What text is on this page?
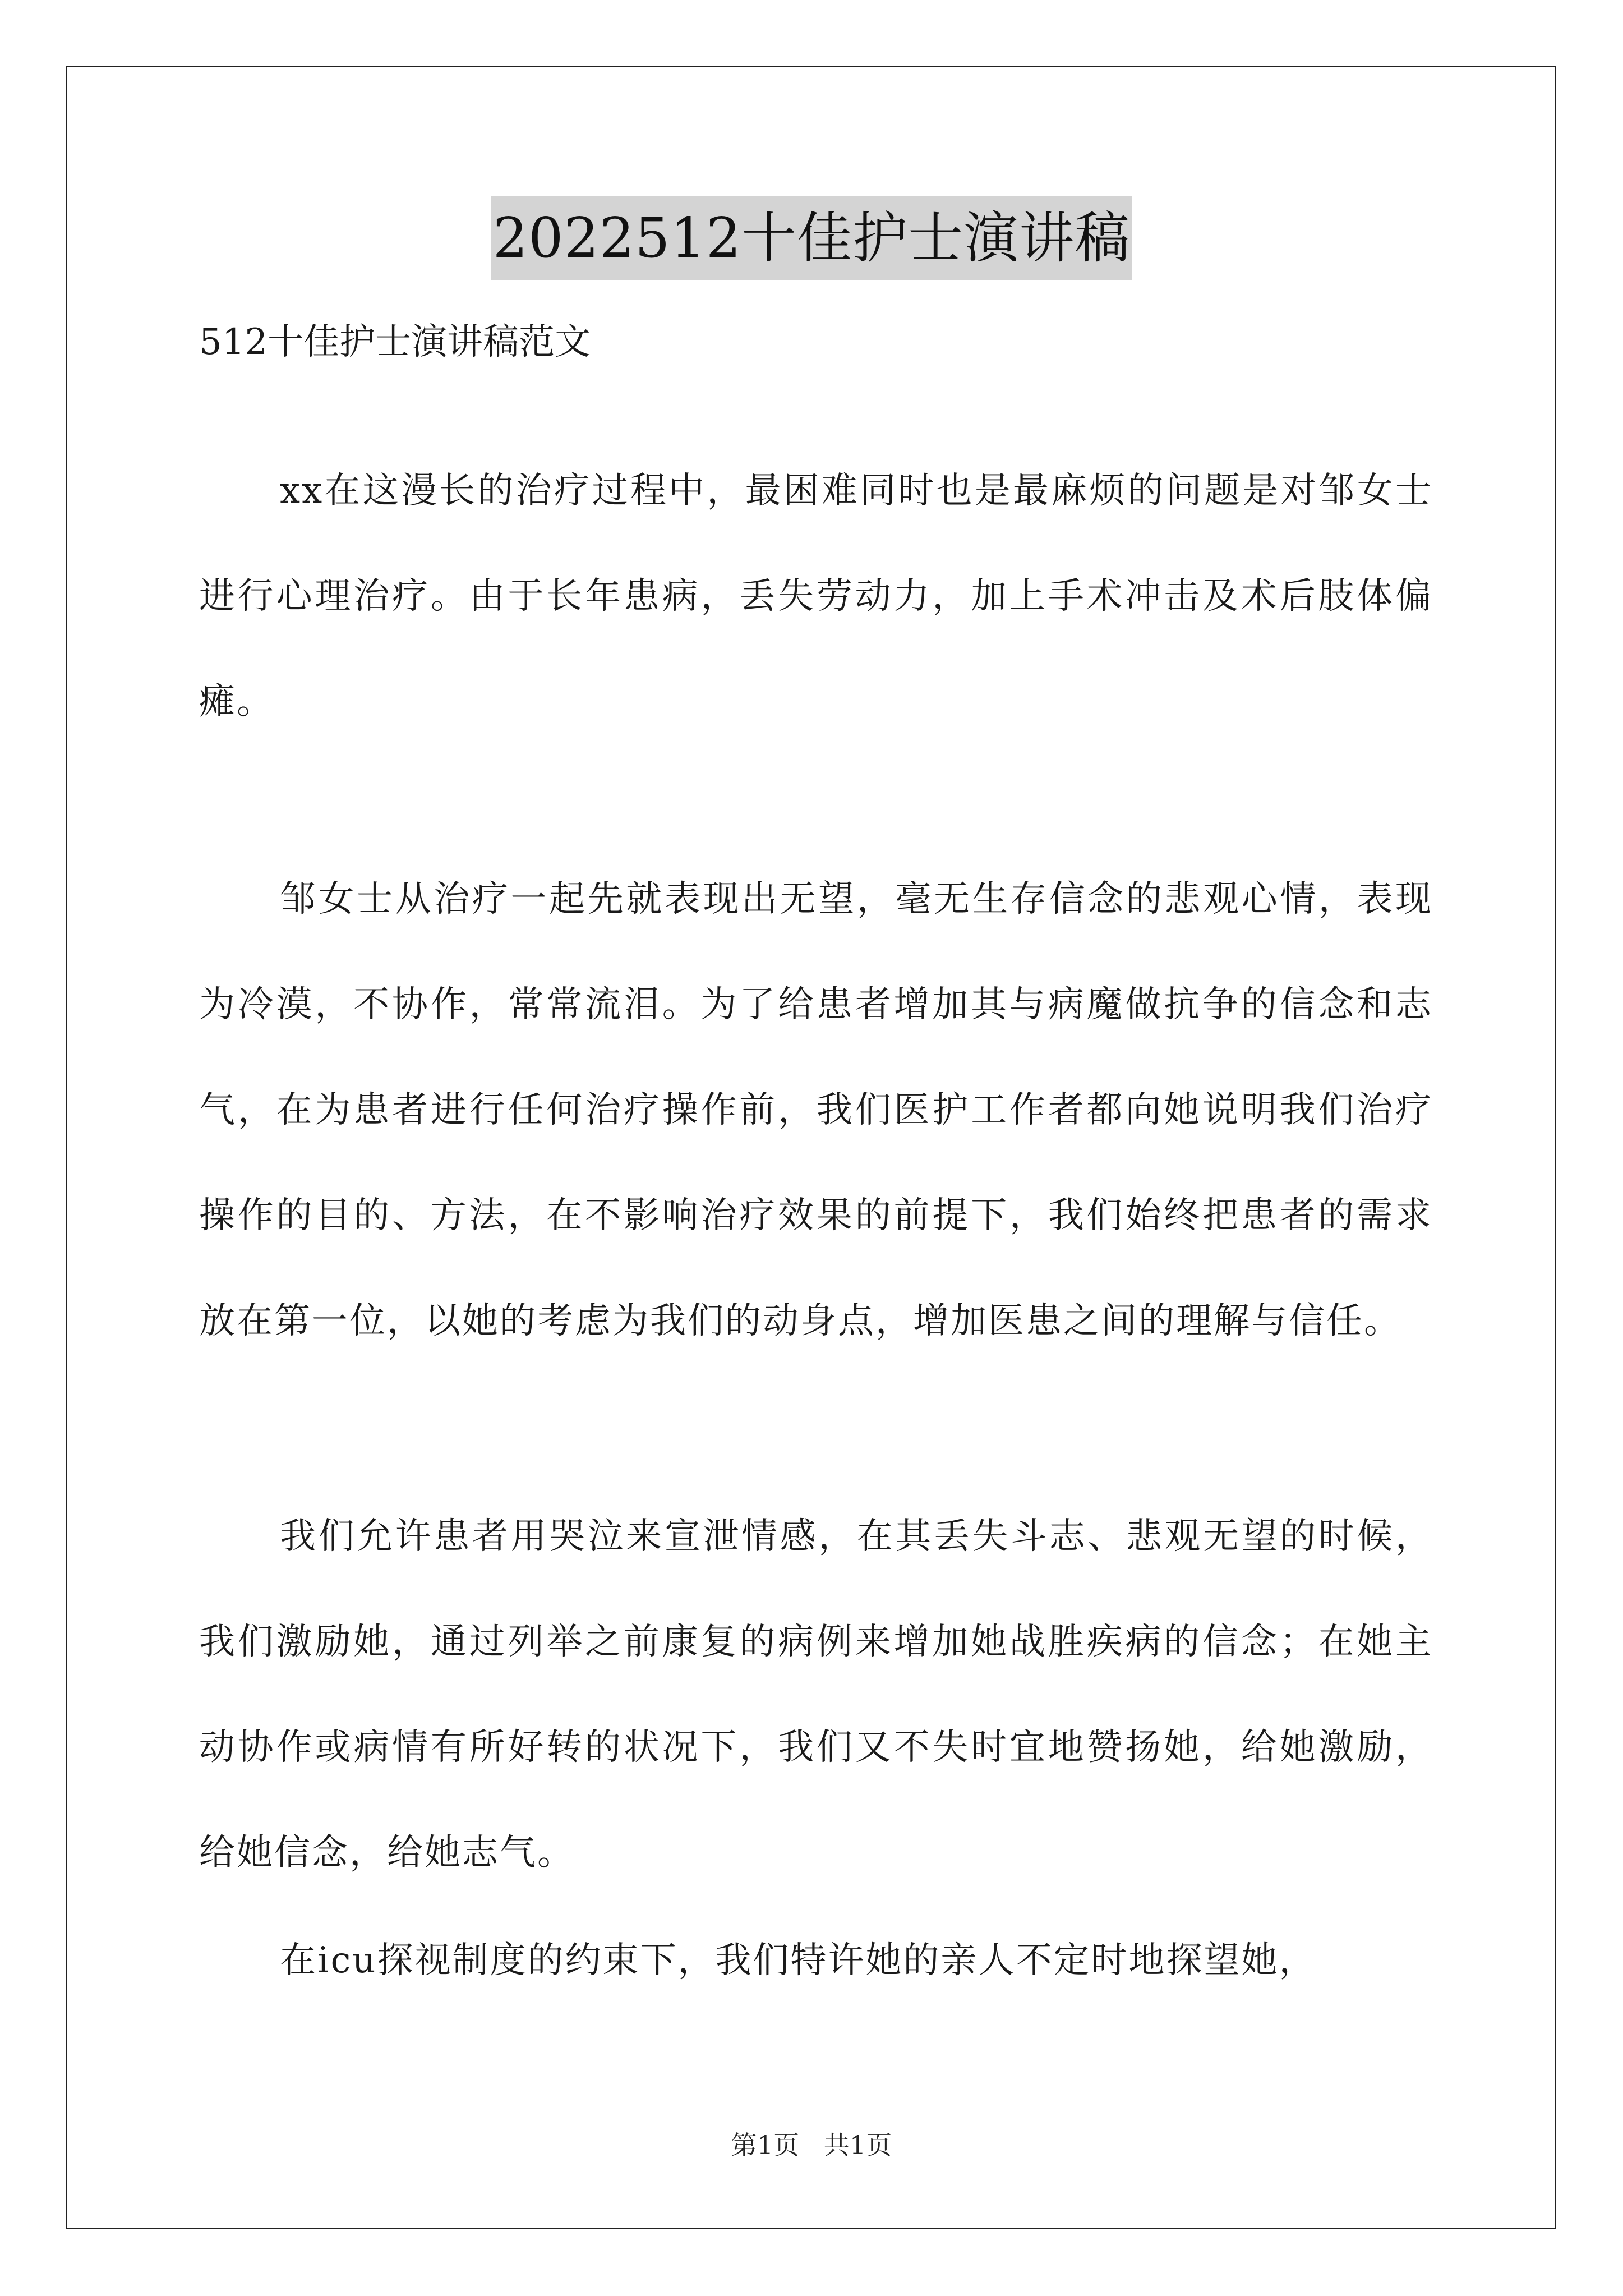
2022512十佳护士演讲稿
512十佳护士演讲稿范文

xx在这漫长的治疗过程中，最困难同时也是最麻烦的问题是对邹女士进行心理治疗。由于长年患病，丢失劳动力，加上手术冲击及术后肢体偏瘫。

邹女士从治疗一起先就表现出无望，毫无生存信念的悲观心情，表现为冷漠，不协作，常常流泪。为了给患者增加其与病魔做抗争的信念和志气，在为患者进行任何治疗操作前，我们医护工作者都向她说明我们治疗操作的目的、方法，在不影响治疗效果的前提下，我们始终把患者的需求放在第一位，以她的考虑为我们的动身点，增加医患之间的理解与信任。

我们允许患者用哭泣来宣泄情感，在其丢失斗志、悲观无望的时候，我们激励她，通过列举之前康复的病例来增加她战胜疾病的信念；在她主动协作或病情有所好转的状况下，我们又不失时宜地赞扬她，给她激励，给她信念，给她志气。

在icu探视制度的约束下，我们特许她的亲人不定时地探望她，

第1页   共1页
